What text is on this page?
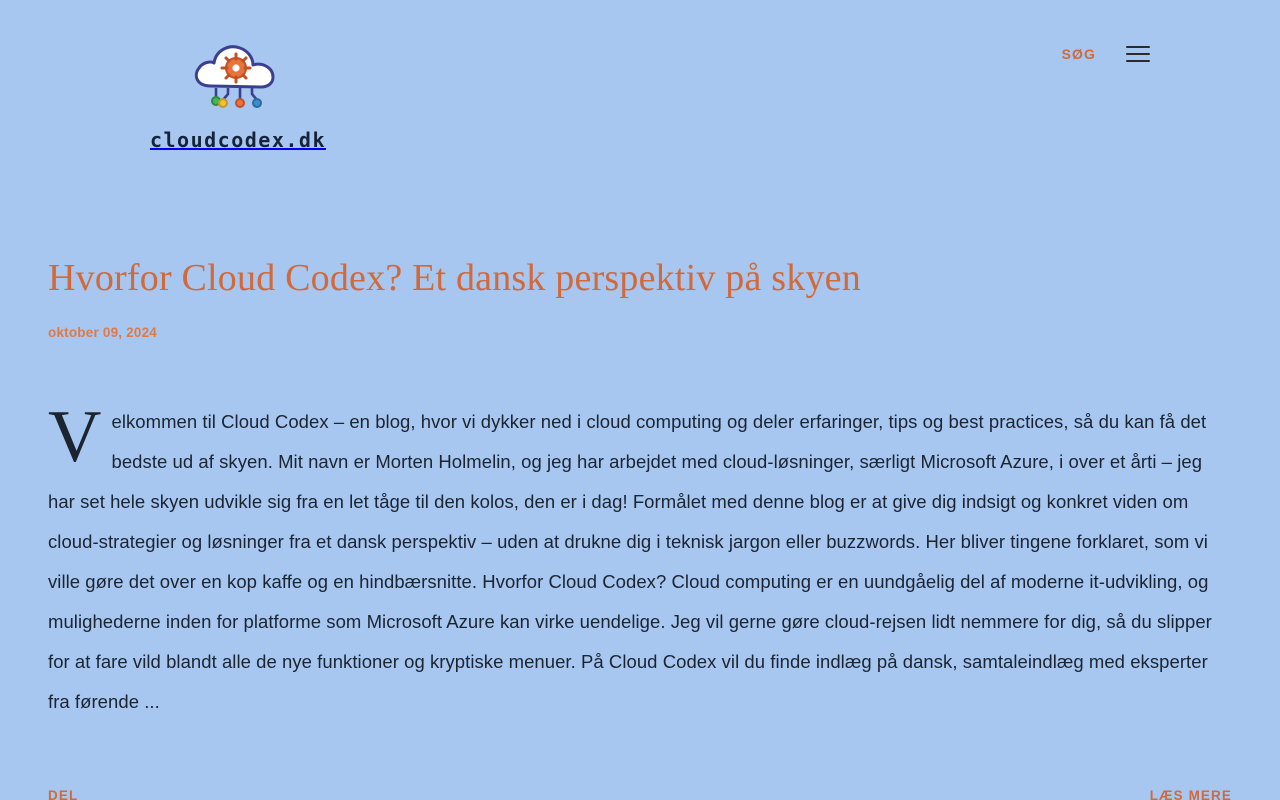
cloudcodex.dk
SØG
Hvorfor Cloud Codex? Et dansk perspektiv på skyen
oktober 09, 2024
Velkommen til Cloud Codex – en blog, hvor vi dykker ned i cloud computing og deler erfaringer, tips og best practices, så du kan få det bedste ud af skyen. Mit navn er Morten Holmelin, og jeg har arbejdet med cloud-løsninger, særligt Microsoft Azure, i over et årti – jeg har set hele skyen udvikle sig fra en let tåge til den kolos, den er i dag! Formålet med denne blog er at give dig indsigt og konkret viden om cloud-strategier og løsninger fra et dansk perspektiv – uden at drukne dig i teknisk jargon eller buzzwords. Her bliver tingene forklaret, som vi ville gøre det over en kop kaffe og en hindbærsnitte. Hvorfor Cloud Codex? Cloud computing er en uundgåelig del af moderne it-udvikling, og mulighederne inden for platforme som Microsoft Azure kan virke uendelige. Jeg vil gerne gøre cloud-rejsen lidt nemmere for dig, så du slipper for at fare vild blandt alle de nye funktioner og kryptiske menuer. På Cloud Codex vil du finde indlæg på dansk, samtaleindlæg med eksperter fra førende ...
DEL	LÆS MERE
